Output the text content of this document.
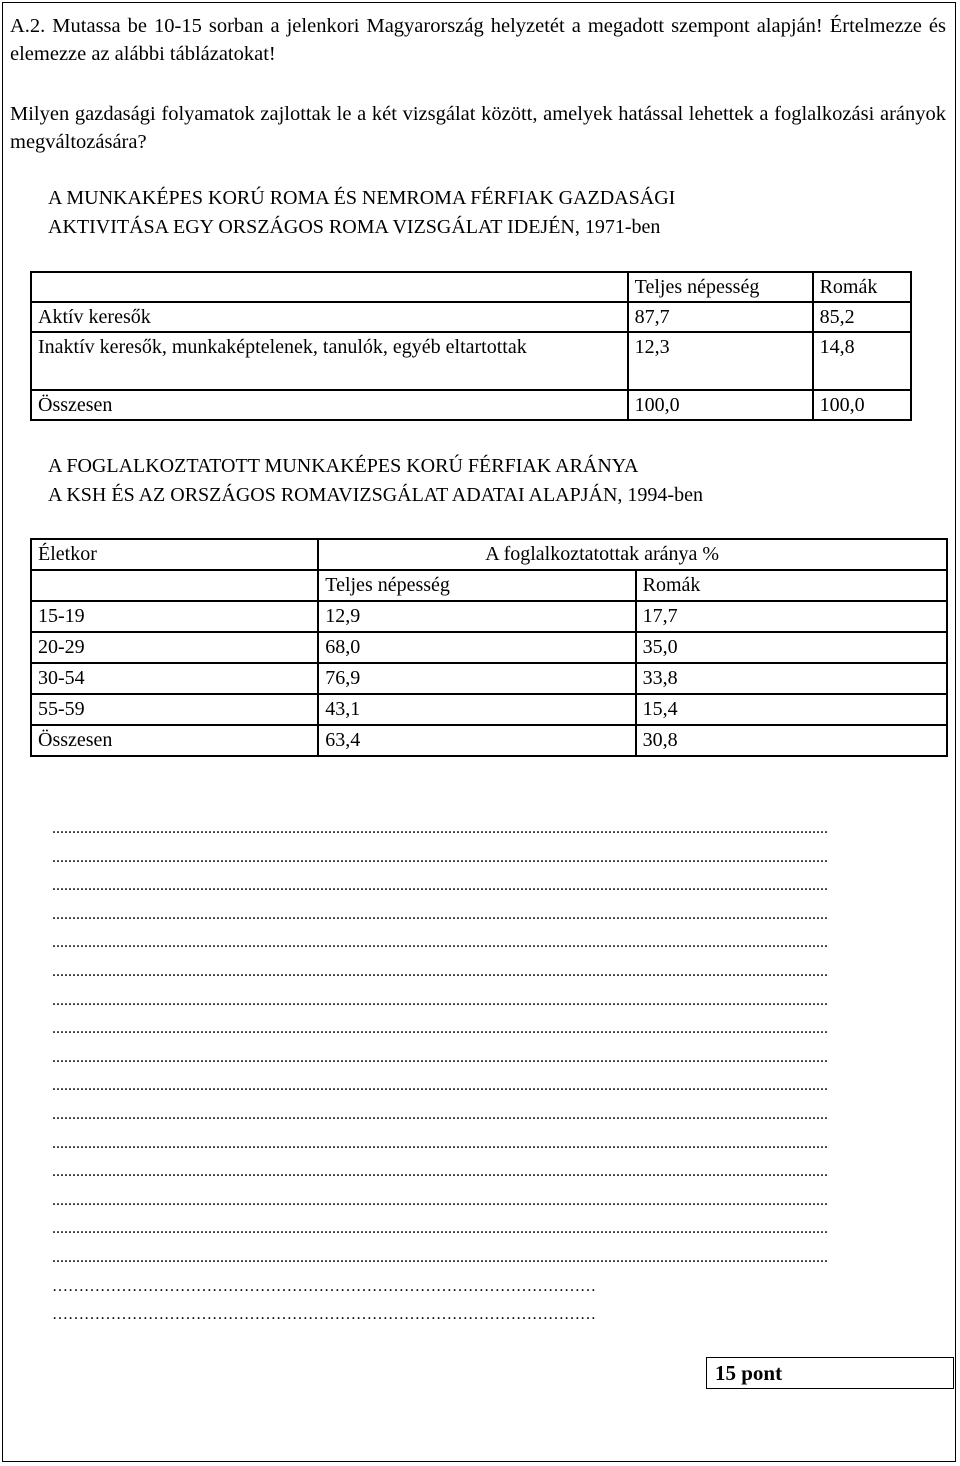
A.2. Mutassa be 10-15 sorban a jelenkori Magyarország helyzetét a megadott szempont alapján! Értelmezze és elemezze az alábbi táblázatokat!
Milyen gazdasági folyamatok zajlottak le a két vizsgálat között, amelyek hatással lehettek a foglalkozási arányok megváltozására?
A MUNKAKÉPES KORÚ ROMA ÉS NEMROMA FÉRFIAK GAZDASÁGI
AKTIVITÁSA EGY ORSZÁGOS ROMA VIZSGÁLAT IDEJÉN, 1971-ben
	Teljes népesség	Romák
Aktív keresők	87,7	85,2
Inaktív keresők, munkaképtelenek, tanulók, egyéb eltartottak	12,3	14,8
Összesen	100,0	100,0
A FOGLALKOZTATOTT MUNKAKÉPES KORÚ FÉRFIAK ARÁNYA
A KSH ÉS AZ ORSZÁGOS ROMAVIZSGÁLAT ADATAI ALAPJÁN, 1994-ben
Életkor	A foglalkoztatottak aránya %	
	Teljes népesség	Romák
15-19	12,9	17,7
20-29	68,0	35,0
30-54	76,9	33,8
55-59	43,1	15,4
Összesen	63,4	30,8
..................................................................................................................................................................................................
..................................................................................................................................................................................................
..................................................................................................................................................................................................
..................................................................................................................................................................................................
..................................................................................................................................................................................................
..................................................................................................................................................................................................
..................................................................................................................................................................................................
..................................................................................................................................................................................................
..................................................................................................................................................................................................
..................................................................................................................................................................................................
..................................................................................................................................................................................................
..................................................................................................................................................................................................
..................................................................................................................................................................................................
..................................................................................................................................................................................................
..................................................................................................................................................................................................
..................................................................................................................................................................................................
…………………………………………………………………………………………
…………………………………………………………………………………………
15 pont
